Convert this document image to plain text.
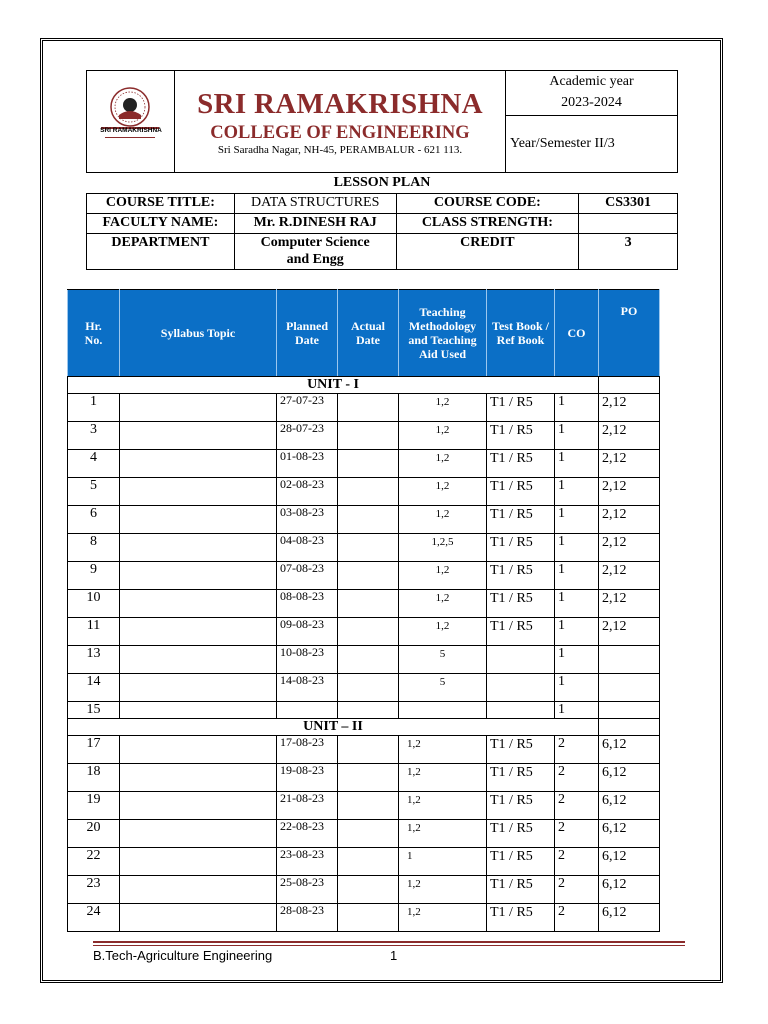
SRI RAMAKRISHNA
SRI RAMAKRISHNA
COLLEGE OF ENGINEERING
Sri Saradha Nagar, NH-45, PERAMBALUR - 621 113.
Academic year
2023-2024
Year/Semester II/3
LESSON PLAN
COURSE TITLE:	DATA STRUCTURES	COURSE CODE:	CS3301
FACULTY NAME:	Mr. R.DINESH RAJ	CLASS STRENGTH:	
DEPARTMENT	Computer Science and Engg	CREDIT	3
Hr. No.	Syllabus Topic	Planned Date	Actual Date	Teaching Methodology and Teaching Aid Used	Test Book / Ref Book	CO	PO
UNIT - I							
1		27-07-23		1,2	T1 / R5	1	2,12
3		28-07-23		1,2	T1 / R5	1	2,12
4		01-08-23		1,2	T1 / R5	1	2,12
5		02-08-23		1,2	T1 / R5	1	2,12
6		03-08-23		1,2	T1 / R5	1	2,12
8		04-08-23		1,2,5	T1 / R5	1	2,12
9		07-08-23		1,2	T1 / R5	1	2,12
10		08-08-23		1,2	T1 / R5	1	2,12
11		09-08-23		1,2	T1 / R5	1	2,12
13		10-08-23		5		1	
14		14-08-23		5		1	
15						1	
UNIT – II							
17		17-08-23		1,2	T1 / R5	2	6,12
18		19-08-23		1,2	T1 / R5	2	6,12
19		21-08-23		1,2	T1 / R5	2	6,12
20		22-08-23		1,2	T1 / R5	2	6,12
22		23-08-23		1	T1 / R5	2	6,12
23		25-08-23		1,2	T1 / R5	2	6,12
24		28-08-23		1,2	T1 / R5	2	6,12
B.Tech-Agriculture Engineering	1
